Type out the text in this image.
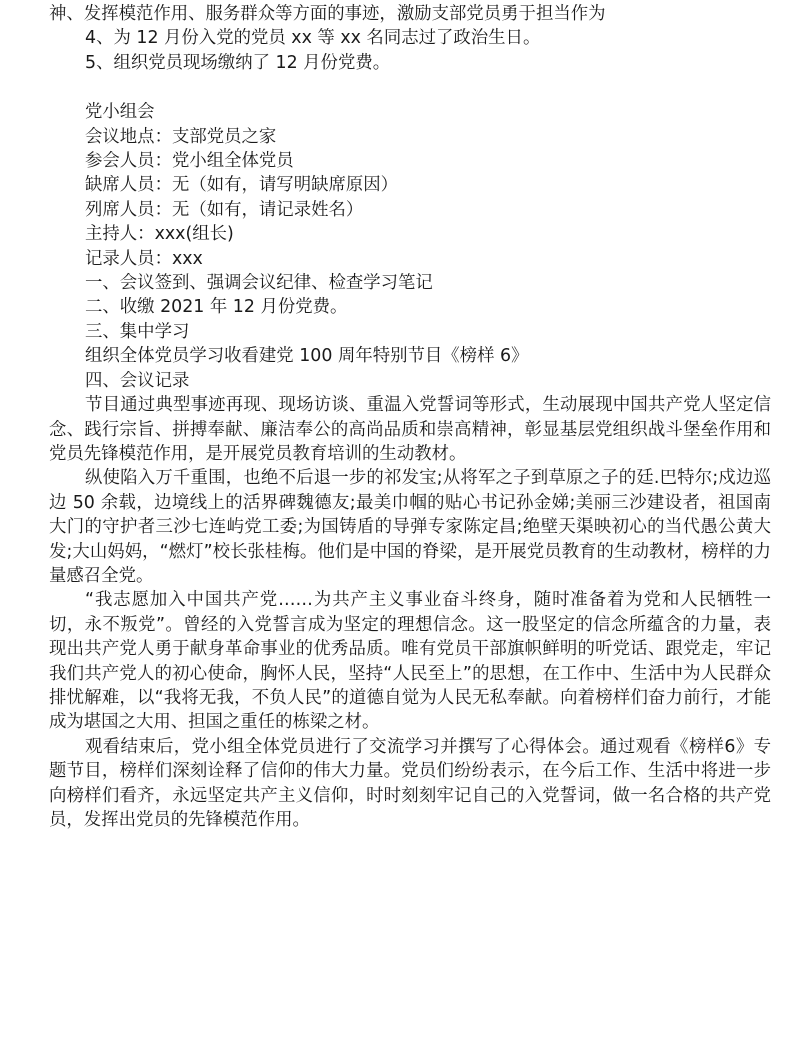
⠀

神、发挥模范作用、服务群众等方面的事迹，激励支部党员勇于担当作为

4、为 12 月份入党的党员 xx 等 xx 名同志过了政治生日。

5、组织党员现场缴纳了 12 月份党费。

党小组会

会议地点：支部党员之家

参会人员：党小组全体党员

缺席人员：无（如有，请写明缺席原因）

列席人员：无（如有，请记录姓名）

主持人：xxx(组长)

记录人员：xxx

一、会议签到、强调会议纪律、检查学习笔记

二、收缴 2021 年 12 月份党费。

三、集中学习

组织全体党员学习收看建党 100 周年特别节目《榜样 6》

四、会议记录

节目通过典型事迹再现、现场访谈、重温入党誓词等形式，生动展现中国共产党人坚定信念、践行宗旨、拼搏奉献、廉洁奉公的高尚品质和崇高精神，彰显基层党组织战斗堡垒作用和党员先锋模范作用，是开展党员教育培训的生动教材。

纵使陷入万千重围，也绝不后退一步的祁发宝;从将军之子到草原之子的廷.巴特尔;戍边巡边 50 余载，边境线上的活界碑魏德友;最美巾帼的贴心书记孙金娣;美丽三沙建设者，祖国南大门的守护者三沙七连屿党工委;为国铸盾的导弹专家陈定昌;绝壁天渠映初心的当代愚公黄大发;大山妈妈，“燃灯”校长张桂梅。他们是中国的脊梁，是开展党员教育的生动教材，榜样的力量感召全党。

“我志愿加入中国共产党……为共产主义事业奋斗终身，随时准备着为党和人民牺牲一切，永不叛党”。曾经的入党誓言成为坚定的理想信念。这一股坚定的信念所蕴含的力量，表现出共产党人勇于献身革命事业的优秀品质。唯有党员干部旗帜鲜明的听党话、跟党走，牢记我们共产党人的初心使命，胸怀人民，坚持“人民至上”的思想，在工作中、生活中为人民群众排忧解难，以“我将无我，不负人民”的道德自觉为人民无私奉献。向着榜样们奋力前行，才能成为堪国之大用、担国之重任的栋梁之材。

观看结束后，党小组全体党员进行了交流学习并撰写了心得体会。通过观看《榜样6》专题节目，榜样们深刻诠释了信仰的伟大力量。党员们纷纷表示，在今后工作、生活中将进一步向榜样们看齐，永远坚定共产主义信仰，时时刻刻牢记自己的入党誓词，做一名合格的共产党员，发挥出党员的先锋模范作用。
